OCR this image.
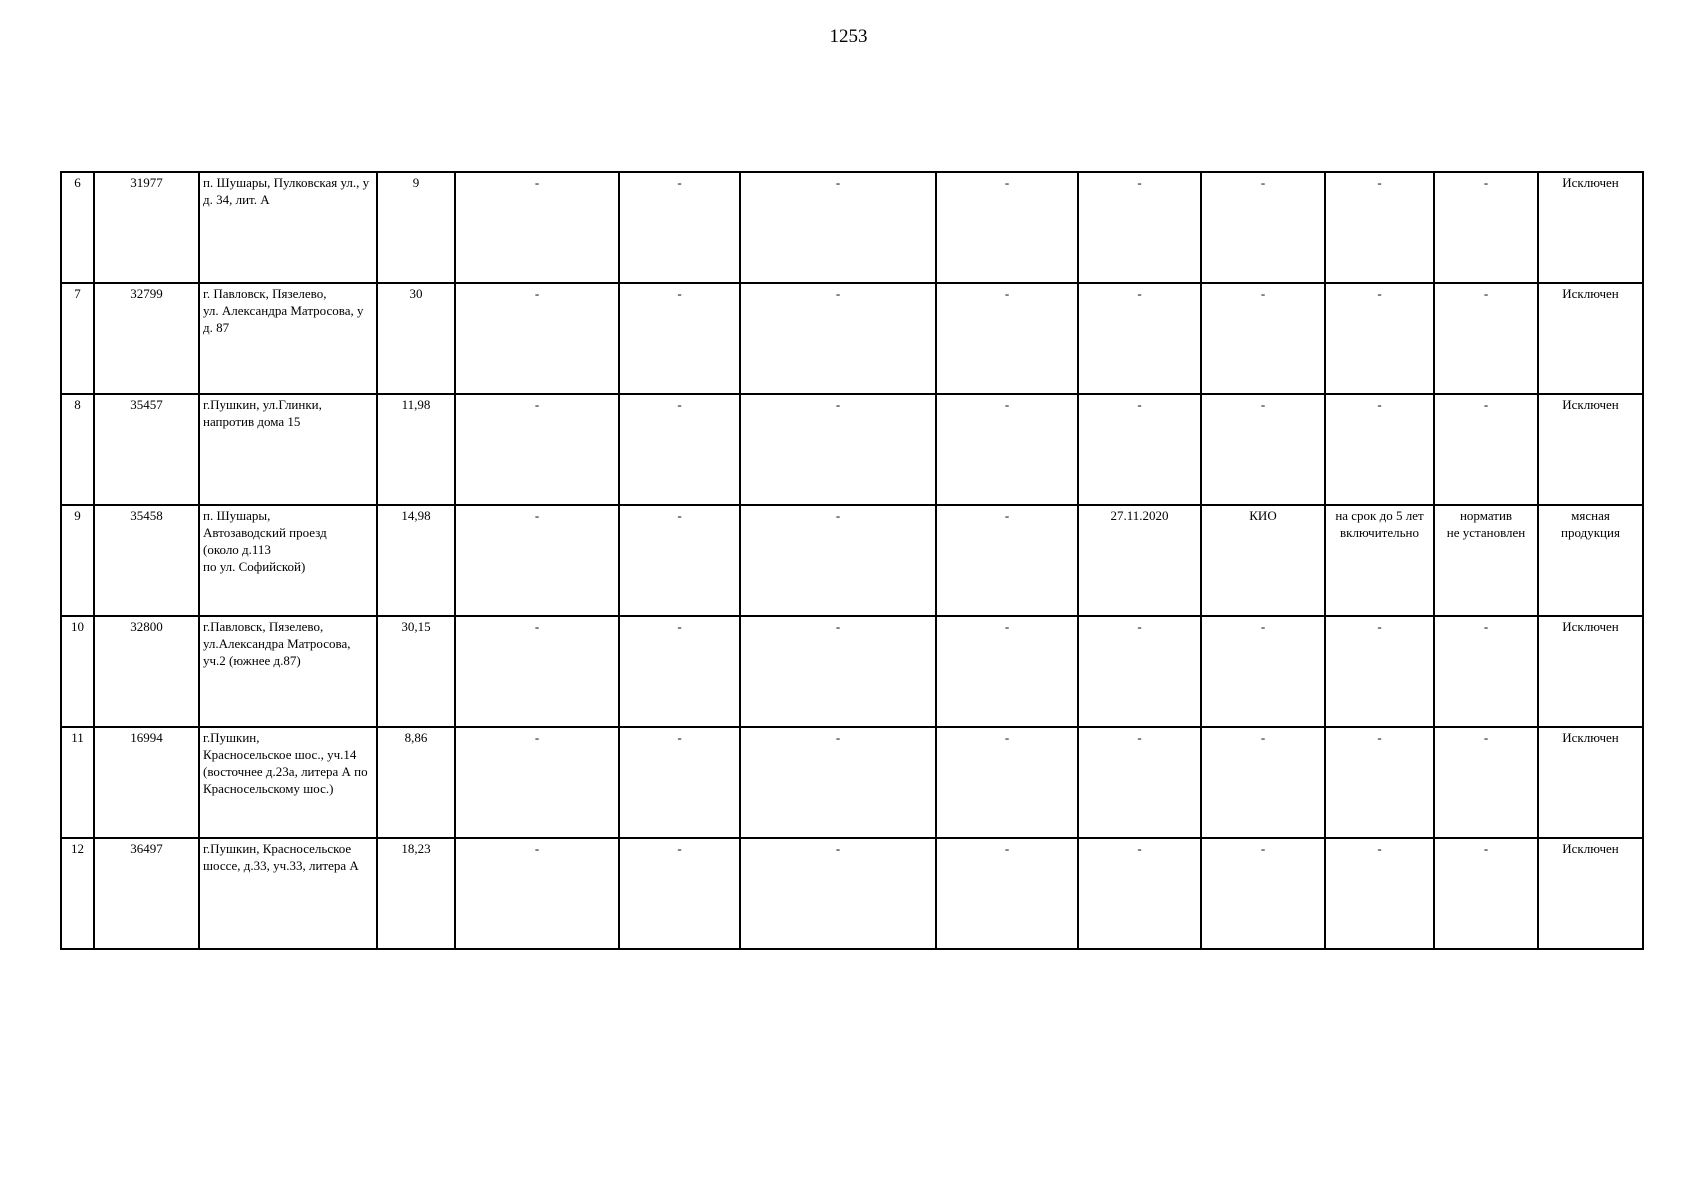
1253
6	31977	п. Шушары, Пулковская ул., у
д. 34, лит. А	9	-	-	-	-	-	-	-	-	Исключен
7	32799	г. Павловск, Пязелево,
ул. Александра Матросова, у
д. 87	30	-	-	-	-	-	-	-	-	Исключен
8	35457	г.Пушкин, ул.Глинки,
напротив дома 15	11,98	-	-	-	-	-	-	-	-	Исключен
9	35458	п. Шушары,
Автозаводский проезд
(около д.113
по ул. Софийской)	14,98	-	-	-	-	27.11.2020	КИО	на срок до 5 лет
включительно	норматив
не установлен	мясная
продукция
10	32800	г.Павловск, Пязелево,
ул.Александра Матросова,
уч.2 (южнее д.87)	30,15	-	-	-	-	-	-	-	-	Исключен
11	16994	г.Пушкин,
Красносельское шос., уч.14
(восточнее д.23а, литера А по
Красносельскому шос.)	8,86	-	-	-	-	-	-	-	-	Исключен
12	36497	г.Пушкин, Красносельское
шоссе, д.33, уч.33, литера А	18,23	-	-	-	-	-	-	-	-	Исключен
